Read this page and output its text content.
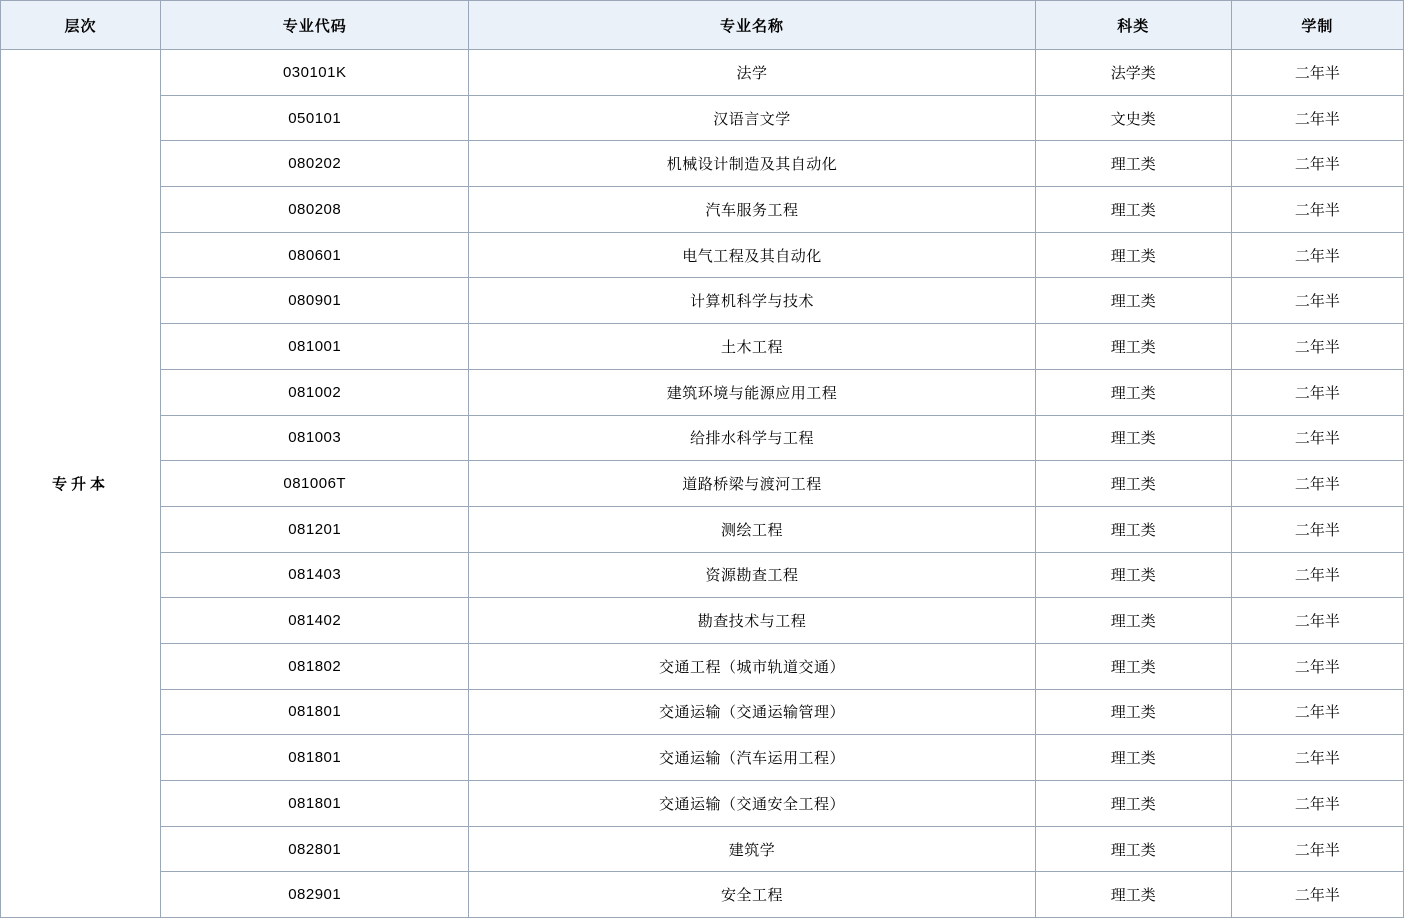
层次	专业代码	专业名称	科类	学制
专升本	030101K	法学	法学类	二年半
	050101	汉语言文学	文史类	二年半
	080202	机械设计制造及其自动化	理工类	二年半
	080208	汽车服务工程	理工类	二年半
	080601	电气工程及其自动化	理工类	二年半
	080901	计算机科学与技术	理工类	二年半
	081001	土木工程	理工类	二年半
	081002	建筑环境与能源应用工程	理工类	二年半
	081003	给排水科学与工程	理工类	二年半
	081006T	道路桥梁与渡河工程	理工类	二年半
	081201	测绘工程	理工类	二年半
	081403	资源勘查工程	理工类	二年半
	081402	勘查技术与工程	理工类	二年半
	081802	交通工程（城市轨道交通）	理工类	二年半
	081801	交通运输（交通运输管理）	理工类	二年半
	081801	交通运输（汽车运用工程）	理工类	二年半
	081801	交通运输（交通安全工程）	理工类	二年半
	082801	建筑学	理工类	二年半
	082901	安全工程	理工类	二年半
